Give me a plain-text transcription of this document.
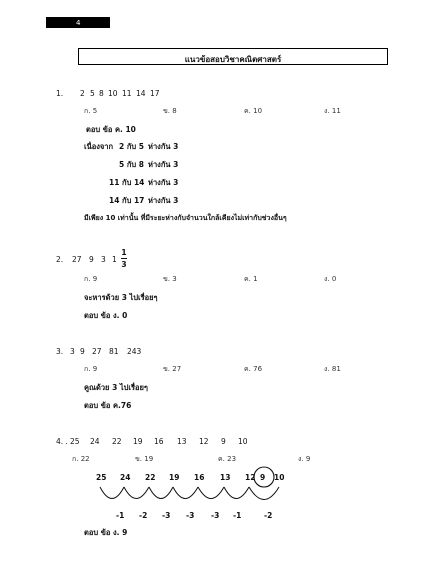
4
แนวข้อสอบวิชาคณิตศาสตร์
1. 2 5 8 10 11 14 17
ก. 5	ข. 8	ค. 10	ง. 11
ตอบ ข้อ ค. 10
เนื่องจาก 2 กับ 5 ห่างกัน 3
5 กับ 8 ห่างกัน 3
11 กับ 14 ห่างกัน 3
14 กับ 17 ห่างกัน 3
มีเพียง 10 เท่านั้น ที่มีระยะห่างกับจำนวนใกล้เคียงไม่เท่ากับช่วงอื่นๆ
2. 27 9 3 1
1
3
ก. 9	ข. 3	ค. 1	ง. 0
จะหารด้วย 3 ไปเรื่อยๆ
ตอบ ข้อ ง. 0
3. 3 9 27 81 243
ก. 9	ข. 27	ค. 76	ง. 81
คูณด้วย 3 ไปเรื่อยๆ
ตอบ ข้อ ค.76
4. . 25 24 22 19 16 13 12 9 10
ก. 22	ข. 19	ค. 23	ง. 9
25 24 22 19 16 13 12 9 10
-1 -2 -3 -3 -3 -1	-2
ตอบ ข้อ ง. 9
